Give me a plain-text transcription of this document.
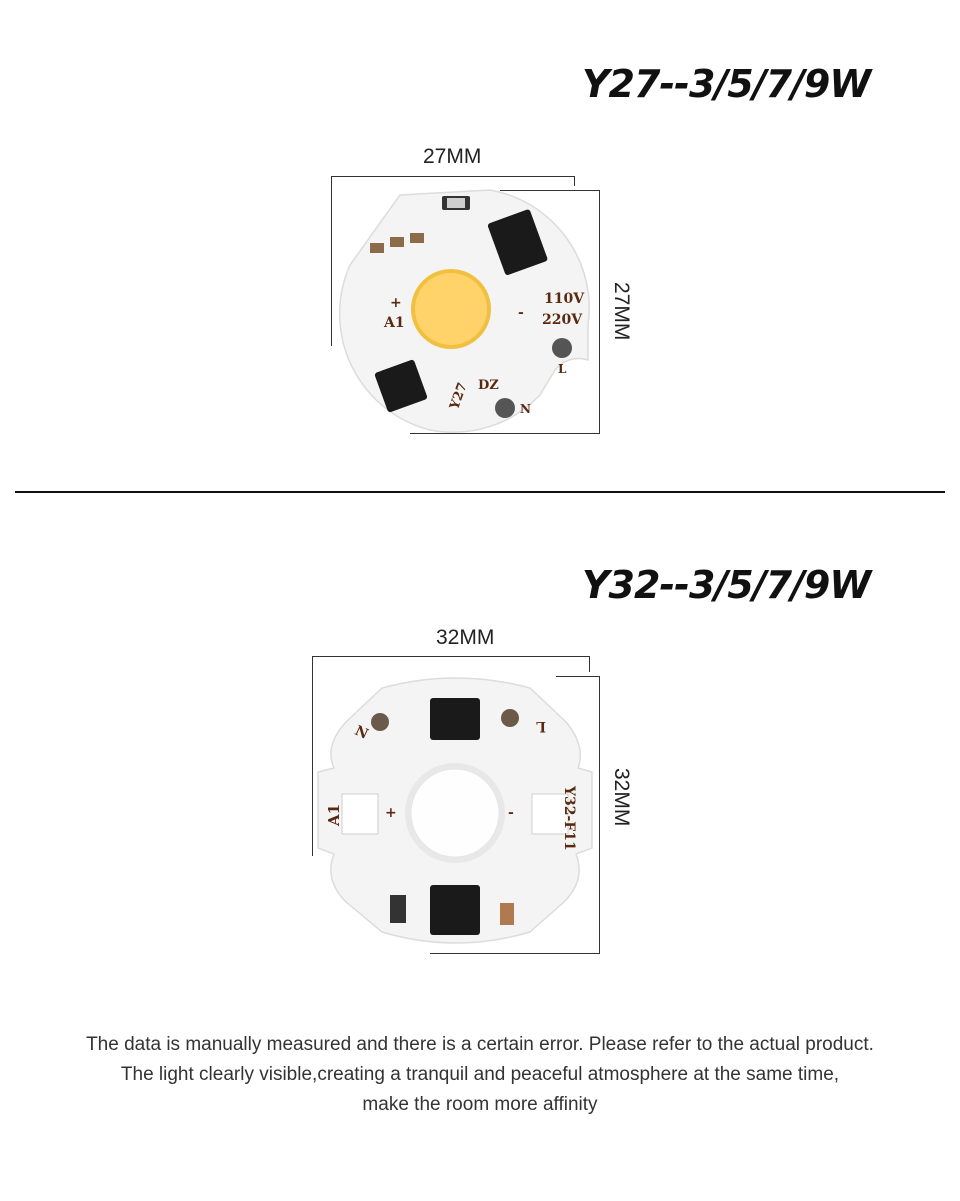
Y27--3/5/7/9W
27MM
27MM
+
A1
-
110V
220V
DZ
Y27
L
N
Y32--3/5/7/9W
32MM
32MM
N	L
+	-
A1	Y32-F11
The data is manually measured and there is a certain error. Please refer to the actual product.
The light clearly visible,creating a tranquil and peaceful atmosphere at the same time,
make the room more affinity
